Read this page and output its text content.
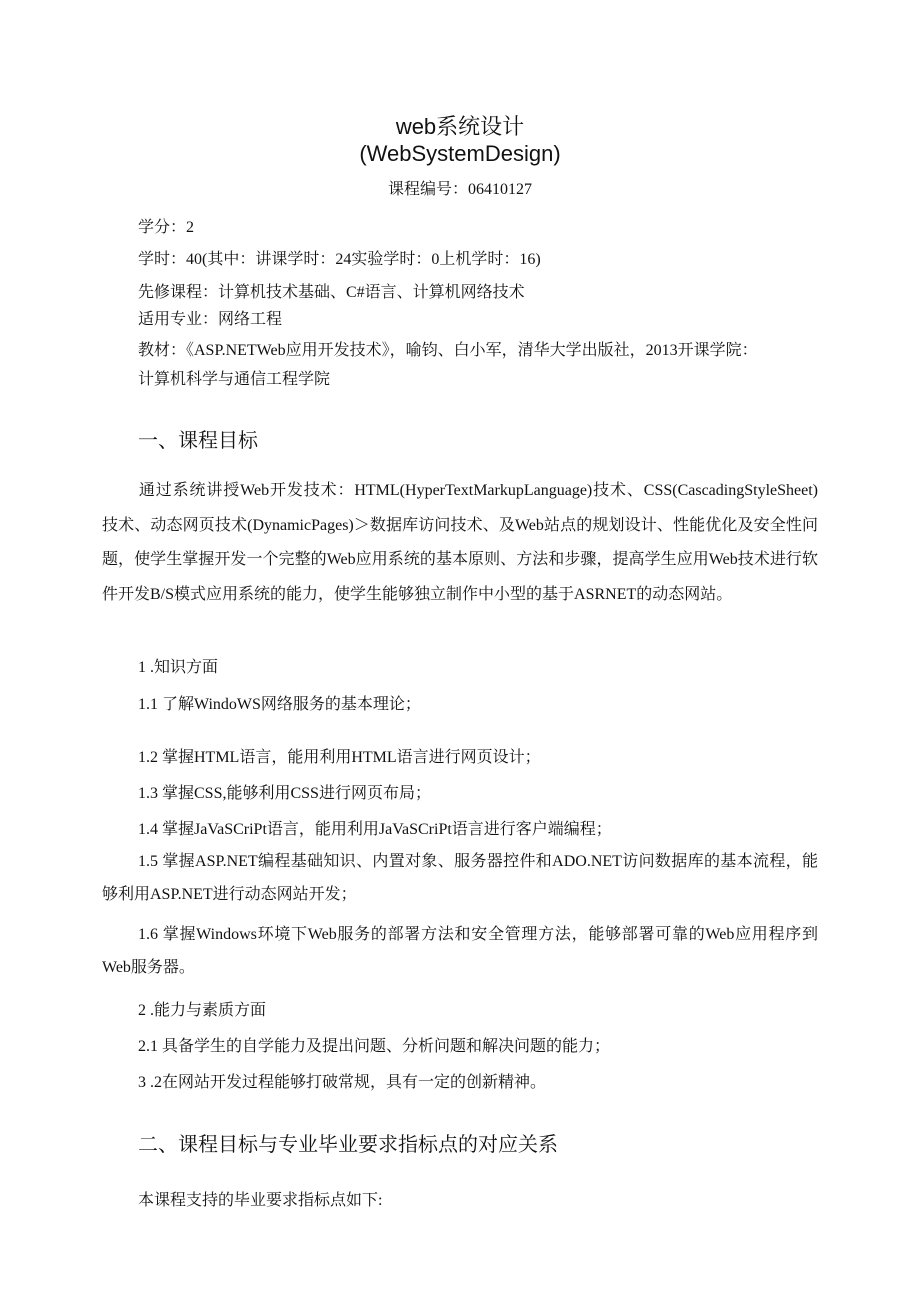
web系统设计
(WebSystemDesign)
课程编号：06410127
学分：2
学时：40(其中：讲课学时：24实验学时：0上机学时：16)
先修课程：计算机技术基础、C#语言、计算机网络技术
适用专业：网络工程
教材：《ASP.NETWeb应用开发技术》，喻钧、白小军，清华大学出版社，2013开课学院：
计算机科学与通信工程学院
一、课程目标
通过系统讲授Web开发技术：HTML(HyperTextMarkupLanguage)技术、CSS(CascadingStyleSheet)技术、动态网页技术(DynamicPages)＞数据库访问技术、及Web站点的规划设计、性能优化及安全性问题，使学生掌握开发一个完整的Web应用系统的基本原则、方法和步骤，提高学生应用Web技术进行软件开发B/S模式应用系统的能力，使学生能够独立制作中小型的基于ASRNET的动态网站。
1 .知识方面
1.1 了解WindoWS网络服务的基本理论；
1.2 掌握HTML语言，能用利用HTML语言进行网页设计；
1.3 掌握CSS,能够利用CSS进行网页布局；
1.4 掌握JaVaSCriPt语言，能用利用JaVaSCriPt语言进行客户端编程；
1.5 掌握ASP.NET编程基础知识、内置对象、服务器控件和ADO.NET访问数据库的基本流程，能够利用ASP.NET进行动态网站开发；
1.6 掌握Windows环境下Web服务的部署方法和安全管理方法，能够部署可靠的Web应用程序到Web服务器。
2 .能力与素质方面
2.1 具备学生的自学能力及提出问题、分析问题和解决问题的能力；
3 .2在网站开发过程能够打破常规，具有一定的创新精神。
二、课程目标与专业毕业要求指标点的对应关系
本课程支持的毕业要求指标点如下:
